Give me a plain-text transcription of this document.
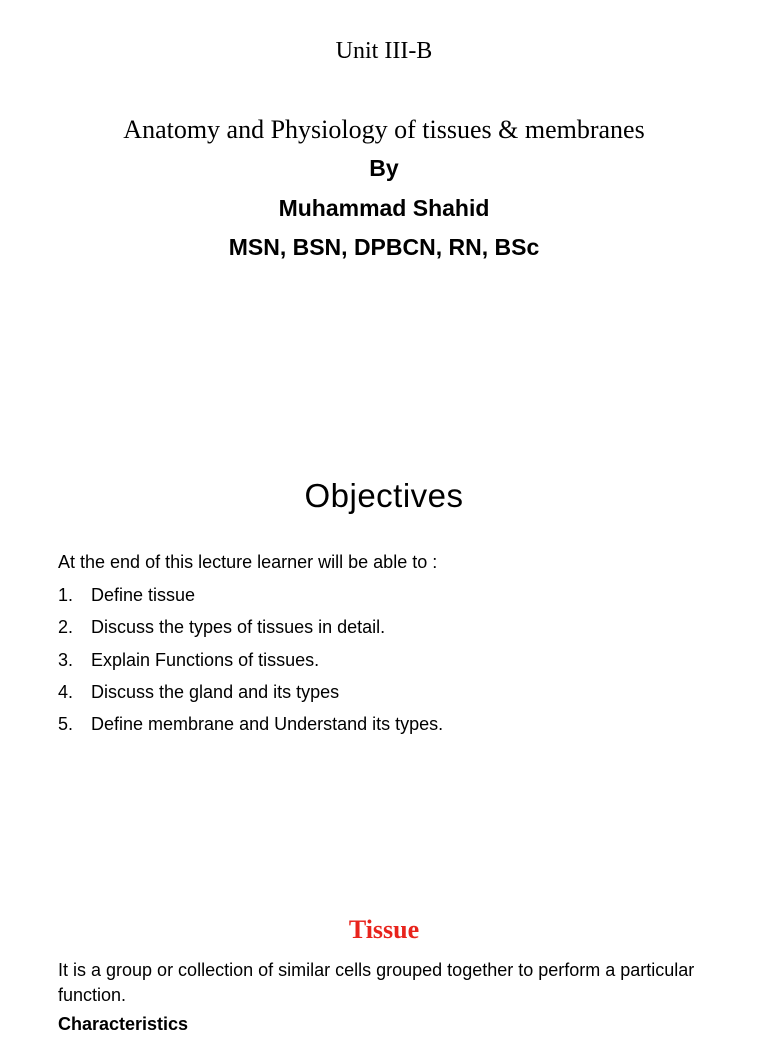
Unit III-B
Anatomy and Physiology of tissues & membranes
By
Muhammad Shahid
MSN, BSN, DPBCN, RN, BSc
Objectives
At the end of this lecture learner will be able to :
1. Define tissue
2. Discuss the types of tissues in detail.
3. Explain Functions of tissues.
4. Discuss the gland and its types
5. Define membrane and Understand its types.
Tissue
It is a group or collection of similar cells grouped together to perform a particular function.
Characteristics
